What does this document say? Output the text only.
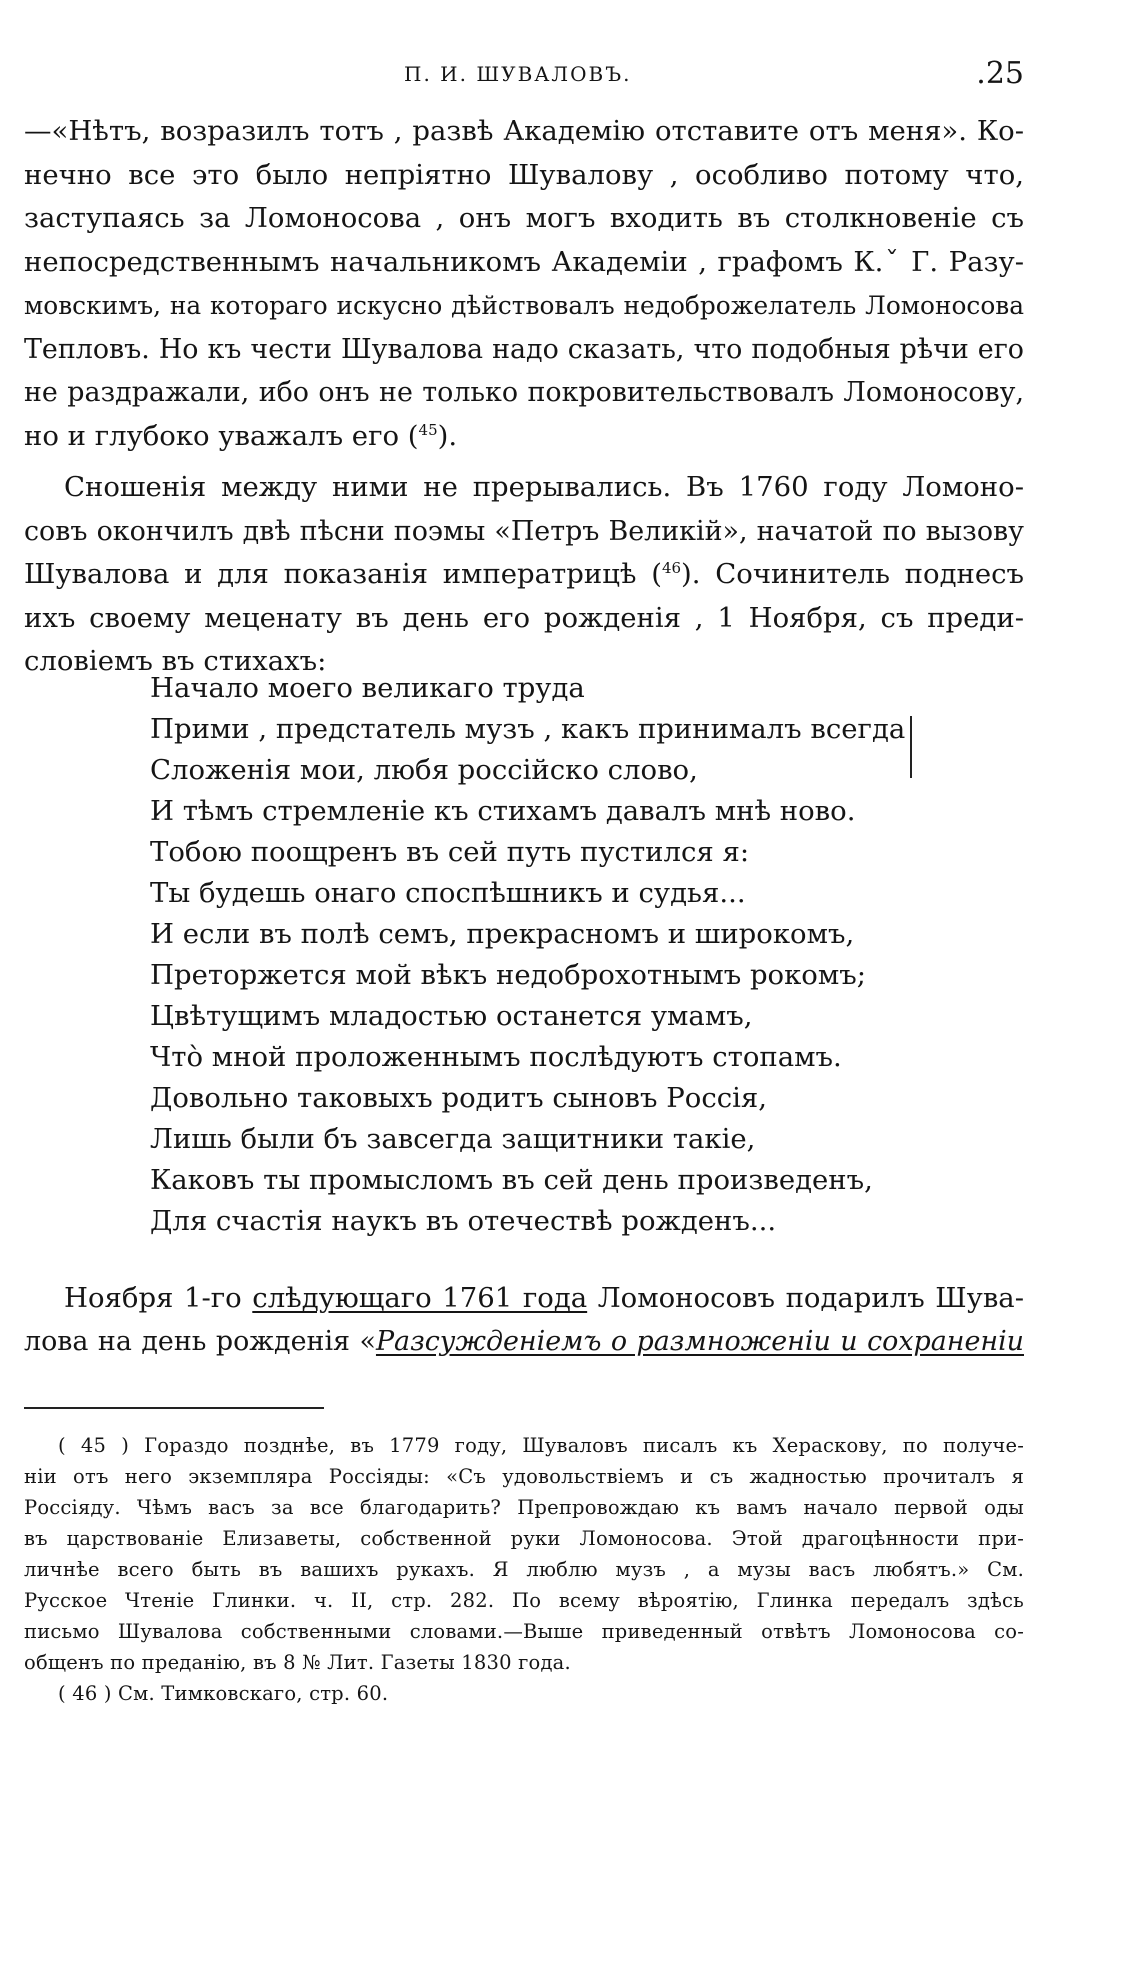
П. И. ШУВАЛОВЪ.	.25
—«Нѣтъ, возразилъ тотъ , развѣ Академію отставите отъ меня». Ко-
нечно все это было непріятно Шувалову , особливо потому что,
заступаясь за Ломоносова , онъ могъ входить въ столкновеніе съ
непосредственнымъ начальникомъ Академіи , графомъ К.ˇ Г. Разу-
мовскимъ, на котораго искусно дѣйствовалъ недоброжелатель Ломоносова
Тепловъ. Но къ чести Шувалова надо сказать, что подобныя рѣчи его
не раздражали, ибо онъ не только покровительствовалъ Ломоносову,
но и глубоко уважалъ его ($^{45}$).
Сношенія между ними не прерывались. Въ 1760 году Ломоно-
совъ окончилъ двѣ пѣсни поэмы «Петръ Великій», начатой по вызову
Шувалова и для показанія императрицѣ ($^{46}$). Сочинитель поднесъ
ихъ своему меценату въ день его рожденія , 1 Ноября, съ преди-
словіемъ въ стихахъ:
Начало моего великаго труда
Прими , предстатель музъ , какъ принималъ всегда
Сложенія мои, любя россійско слово,
И тѣмъ стремленіе къ стихамъ давалъ мнѣ ново.
Тобою поощренъ въ сей путь пустился я:
Ты будешь онаго споспѣшникъ и судья...
И если въ полѣ семъ, прекрасномъ и широкомъ,
Преторжется мой вѣкъ недоброхотнымъ рокомъ;
Цвѣтущимъ младостью останется умамъ,
Что̀ мной проложеннымъ послѣдуютъ стопамъ.
Довольно таковыхъ родитъ сыновъ Россія,
Лишь были бъ завсегда защитники такіе,
Каковъ ты промысломъ въ сей день произведенъ,
Для счастія наукъ въ отечествѣ рожденъ...
Ноября 1-го слѣдующаго 1761 года Ломоносовъ подарилъ Шува-
лова на день рожденія «Разсужденіемъ о размноженіи и сохраненіи
( 45 ) Гораздо позднѣе, въ 1779 году, Шуваловъ писалъ къ Хераскову, по получе-
ніи отъ него экземпляра Россіяды: «Съ удовольствіемъ и съ жадностью прочиталъ я
Россіяду. Чѣмъ васъ за все благодарить? Препровождаю къ вамъ начало первой оды
въ царствованіе Елизаветы, собственной руки Ломоносова. Этой драгоцѣнности при-
личнѣе всего быть въ вашихъ рукахъ. Я люблю музъ , а музы васъ любятъ.» См.
Русское Чтеніе Глинки. ч. II, стр. 282. По всему вѣроятію, Глинка передалъ здѣсь
письмо Шувалова собственными словами.—Выше приведенный отвѣтъ Ломоносова со-
общенъ по преданію, въ 8 № Лит. Газеты 1830 года.
( 46 ) См. Тимковскаго, стр. 60.
